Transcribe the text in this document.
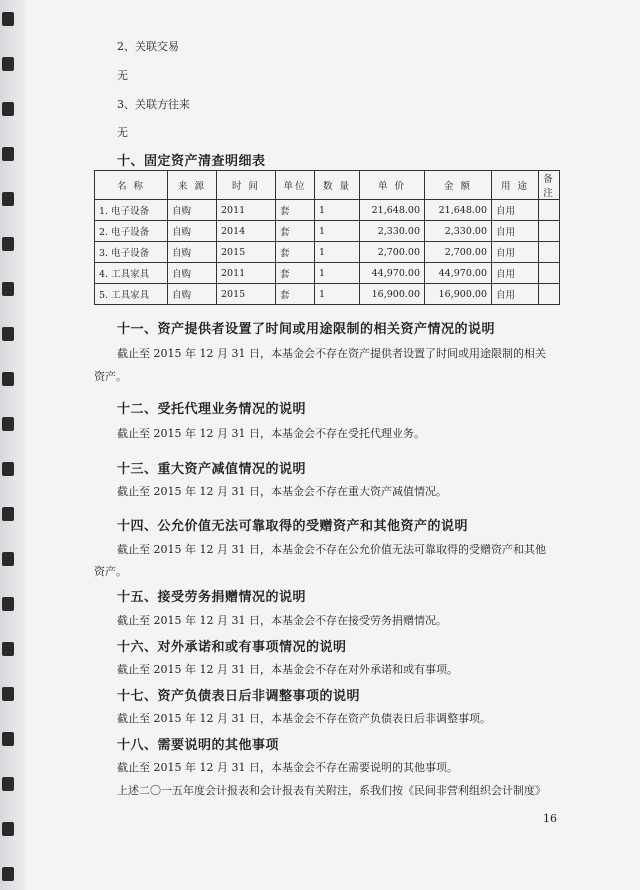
2、关联交易
无
3、关联方往来
无
十、固定资产清查明细表
名 称	来 源	时 间	单位	数 量	单 价	金 额	用 途	备 注
1. 电子设备	自购	2011	套	1	21,648.00	21,648.00	自用	
2. 电子设备	自购	2014	套	1	2,330.00	2,330.00	自用	
3. 电子设备	自购	2015	套	1	2,700.00	2,700.00	自用	
4. 工具家具	自购	2011	套	1	44,970.00	44,970.00	自用	
5. 工具家具	自购	2015	套	1	16,900.00	16,900.00	自用	
十一、资产提供者设置了时间或用途限制的相关资产情况的说明
截止至 2015 年 12 月 31 日，本基金会不存在资产提供者设置了时间或用途限制的相关
资产。
十二、受托代理业务情况的说明
截止至 2015 年 12 月 31 日，本基金会不存在受托代理业务。
十三、重大资产减值情况的说明
截止至 2015 年 12 月 31 日，本基金会不存在重大资产减值情况。
十四、公允价值无法可靠取得的受赠资产和其他资产的说明
截止至 2015 年 12 月 31 日，本基金会不存在公允价值无法可靠取得的受赠资产和其他
资产。
十五、接受劳务捐赠情况的说明
截止至 2015 年 12 月 31 日，本基金会不存在接受劳务捐赠情况。
十六、对外承诺和或有事项情况的说明
截止至 2015 年 12 月 31 日，本基金会不存在对外承诺和或有事项。
十七、资产负债表日后非调整事项的说明
截止至 2015 年 12 月 31 日，本基金会不存在资产负债表日后非调整事项。
十八、需要说明的其他事项
截止至 2015 年 12 月 31 日，本基金会不存在需要说明的其他事项。
上述二〇一五年度会计报表和会计报表有关附注，系我们按《民间非营利组织会计制度》
16
